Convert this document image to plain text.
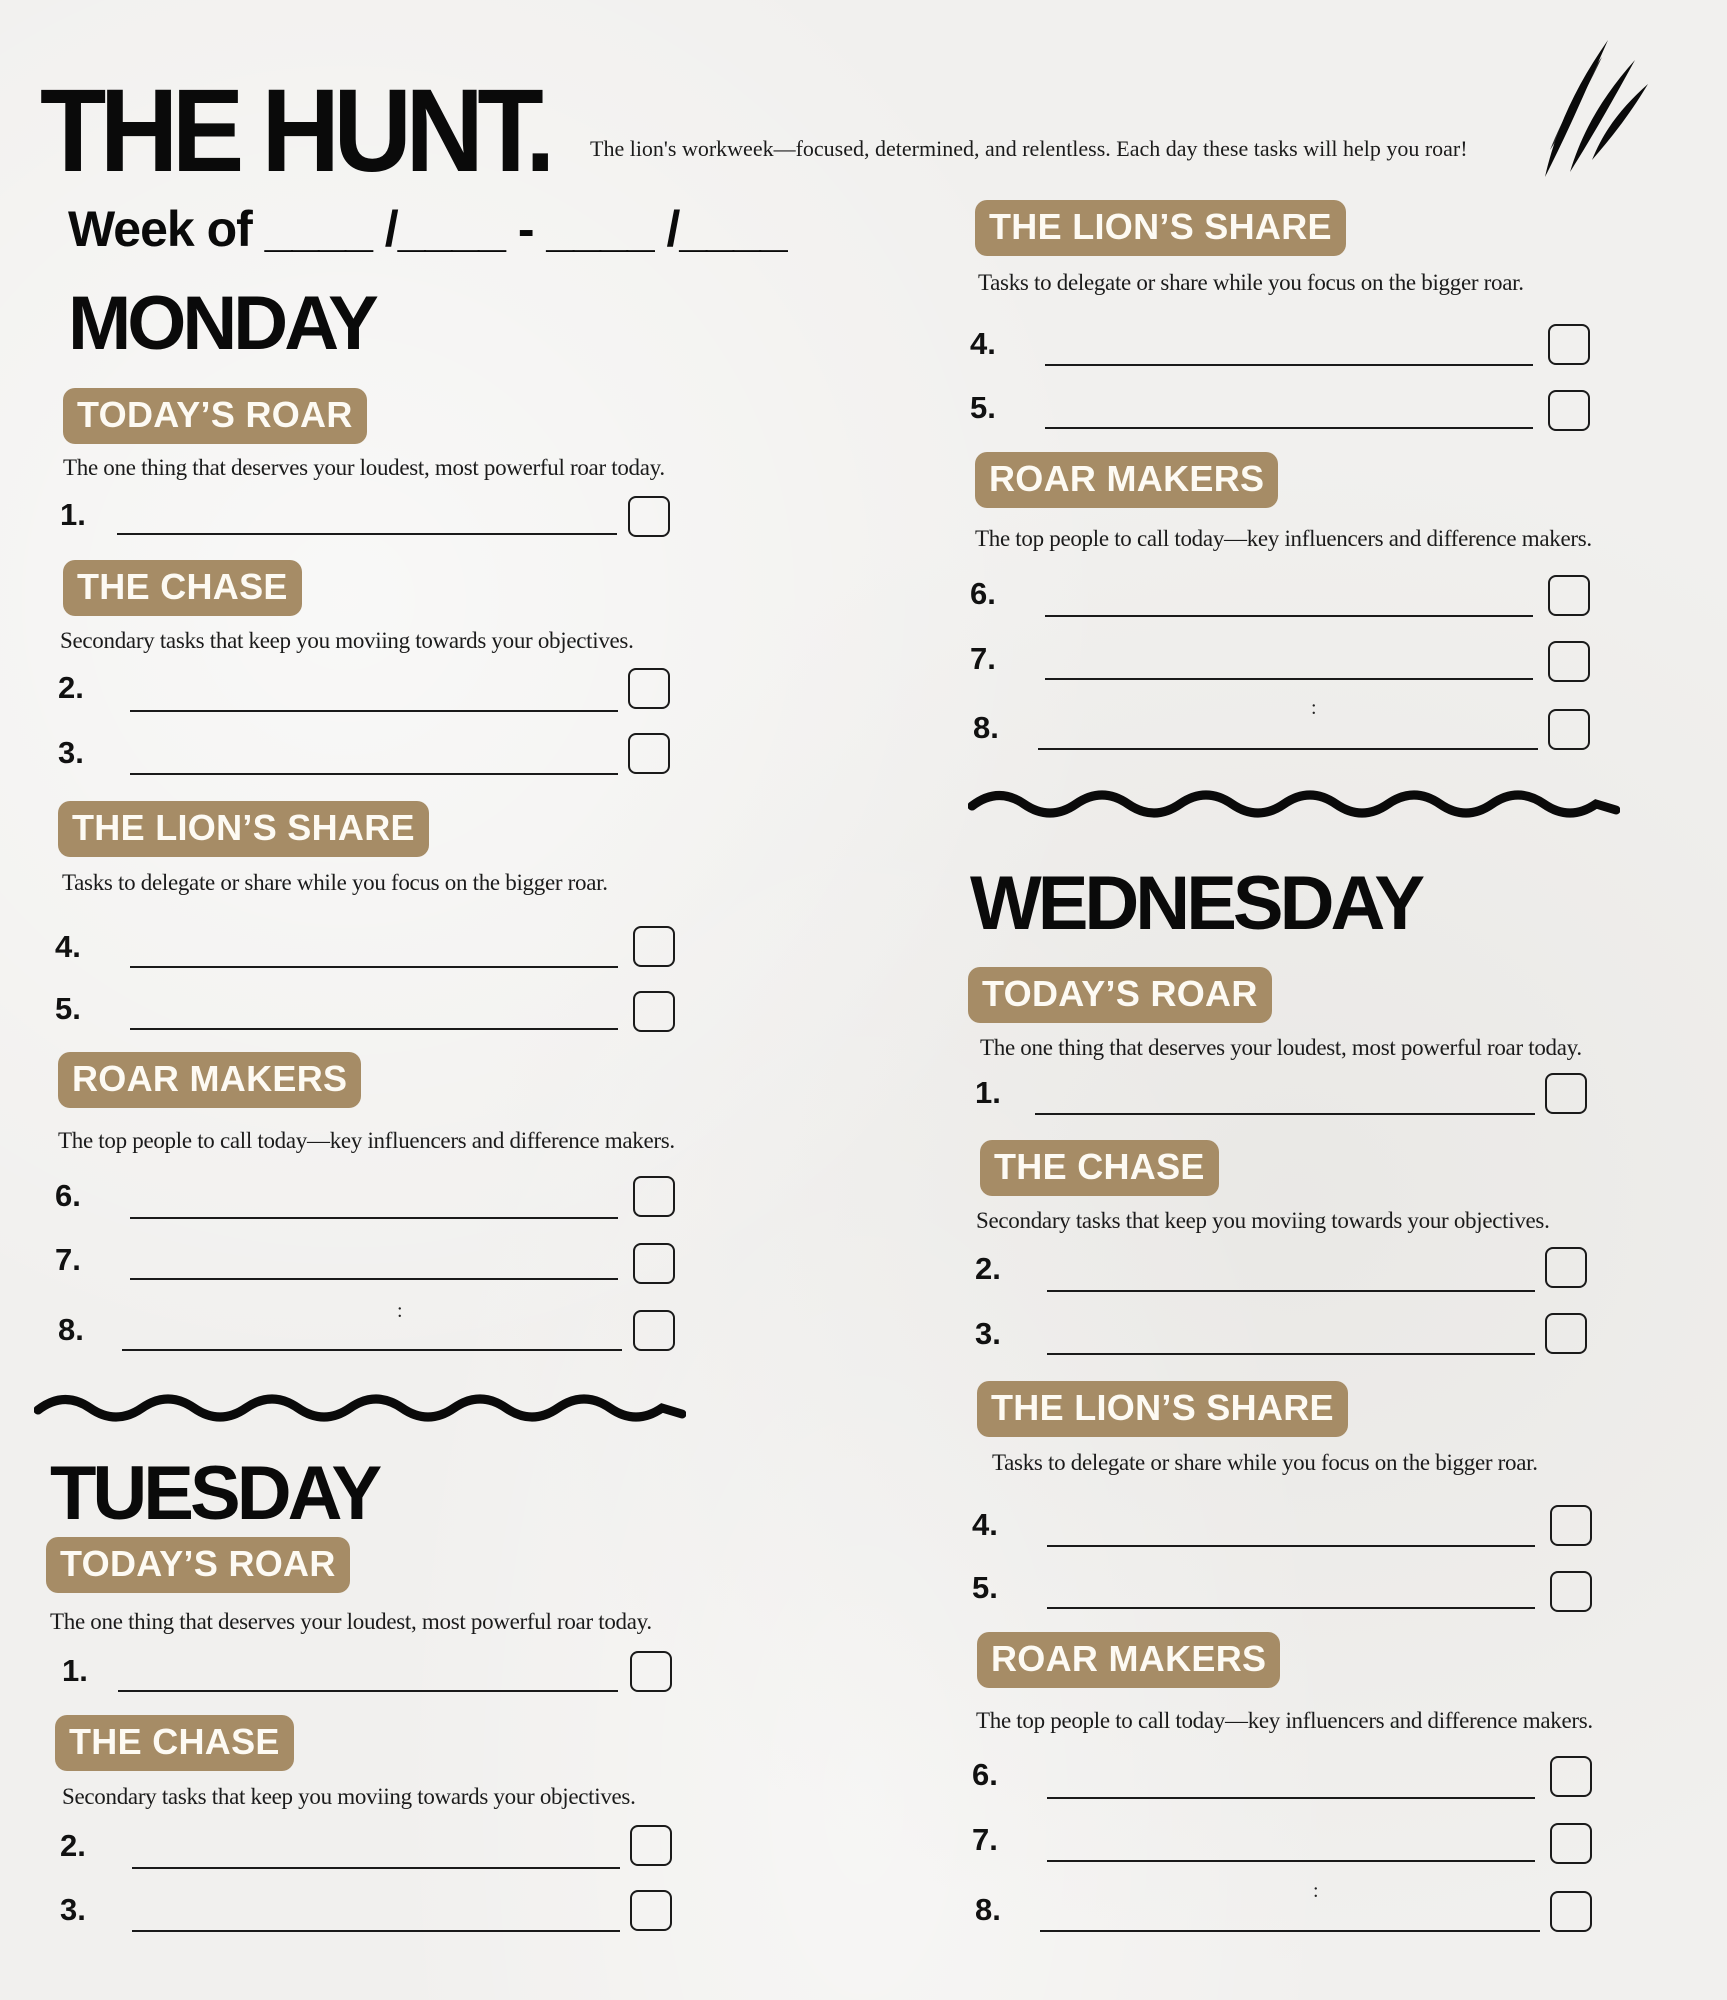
THE HUNT. The lion's workweek—focused, determined, and relentless. Each day these tasks will help you roar!
Week of ____ /____ - ____ /____
MONDAY
TODAY’S ROAR
The one thing that deserves your loudest, most powerful roar today.
1.
THE CHASE
Secondary tasks that keep you moviing towards your objectives.
2.
3.
THE LION’S SHARE
Tasks to delegate or share while you focus on the bigger roar.
4.
5.
ROAR MAKERS
The top people to call today—key influencers and difference makers.
6.
7.
8.
:
TUESDAY
TODAY’S ROAR
The one thing that deserves your loudest, most powerful roar today.
1.
THE CHASE
Secondary tasks that keep you moviing towards your objectives.
2.
3.
THE LION’S SHARE
Tasks to delegate or share while you focus on the bigger roar.
4.
5.
ROAR MAKERS
The top people to call today—key influencers and difference makers.
6.
7.
8.
:
WEDNESDAY
TODAY’S ROAR
The one thing that deserves your loudest, most powerful roar today.
1.
THE CHASE
Secondary tasks that keep you moviing towards your objectives.
2.
3.
THE LION’S SHARE
Tasks to delegate or share while you focus on the bigger roar.
4.
5.
ROAR MAKERS
The top people to call today—key influencers and difference makers.
6.
7.
8.
:
